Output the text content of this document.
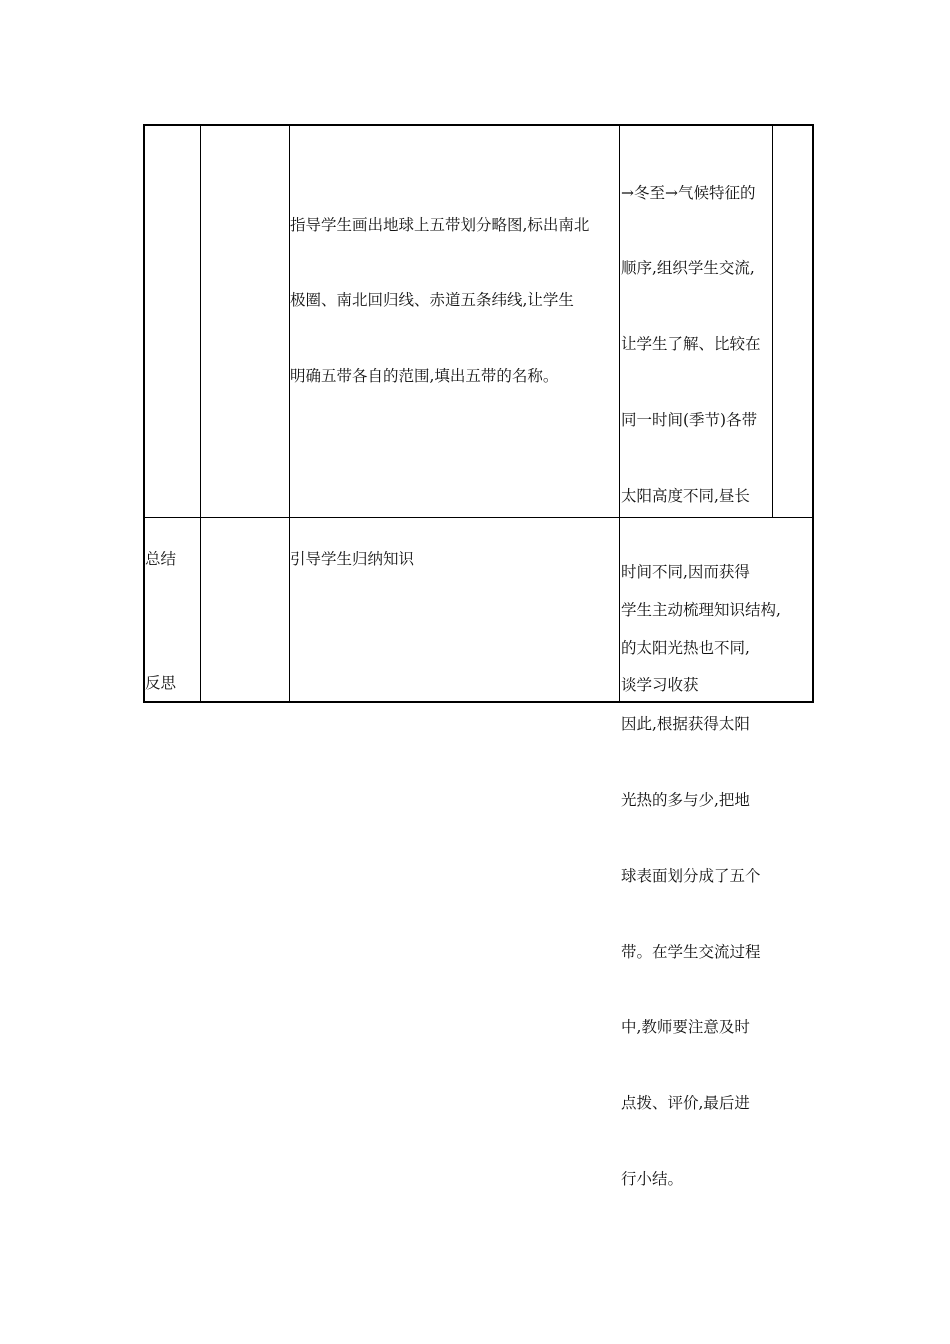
指导学生画出地球上五带划分略图,标出南北

极圈、南北回归线、赤道五条纬线,让学生

明确五带各自的范围,填出五带的名称。

→冬至→气候特征的

顺序,组织学生交流,

让学生了解、比较在

同一时间(季节)各带

太阳高度不同,昼长

时间不同,因而获得

的太阳光热也不同,

因此,根据获得太阳

光热的多与少,把地

球表面划分成了五个

带。在学生交流过程

中,教师要注意及时

点拨、评价,最后进

行小结。

总结
反思
引导学生归纳知识

学生主动梳理知识结构,

谈学习收获
